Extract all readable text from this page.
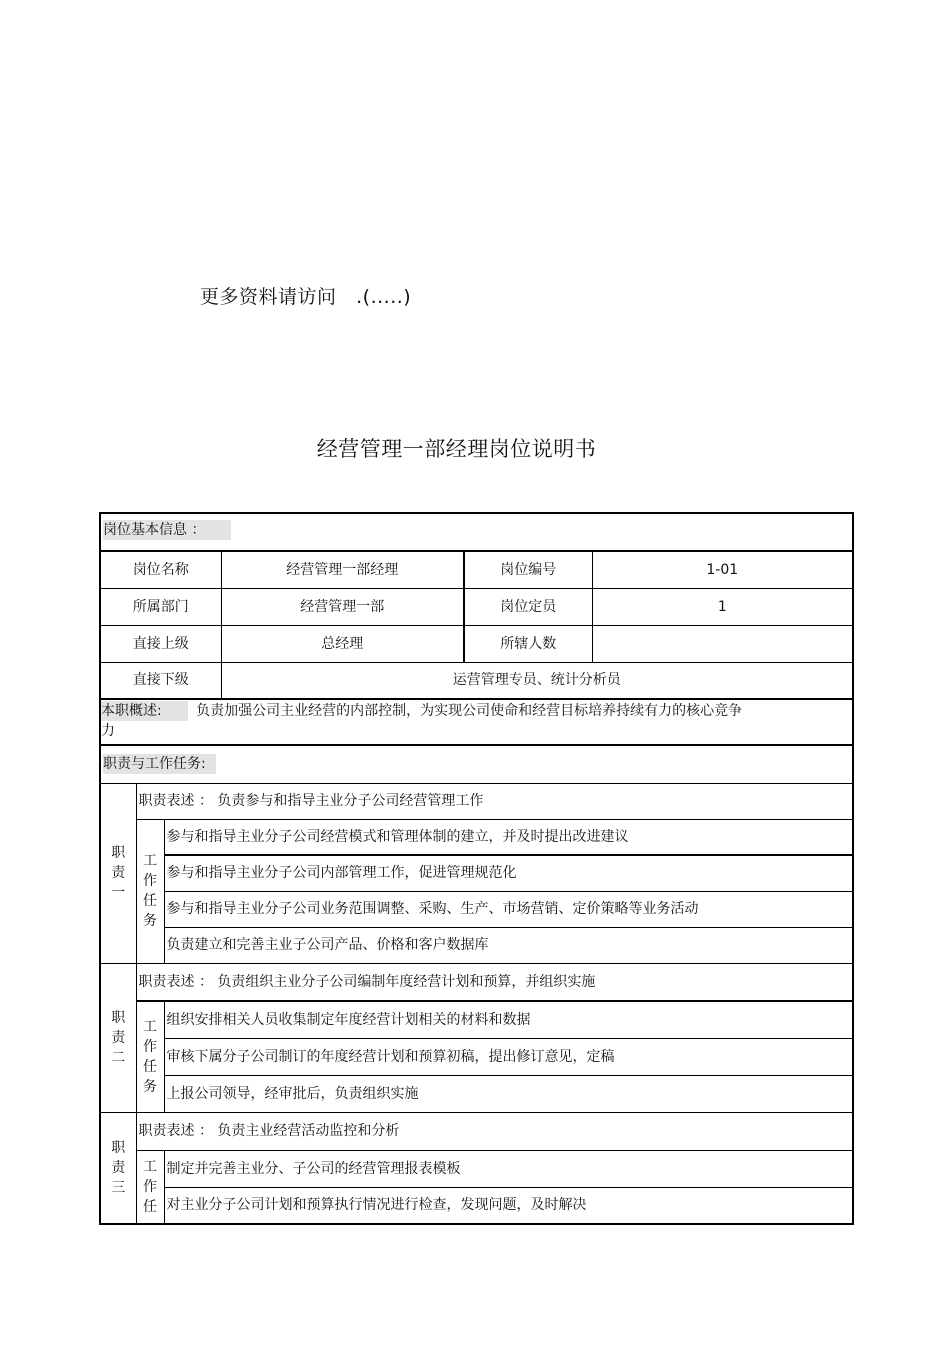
更多资料请访问   .(.....)
经营管理一部经理岗位说明书
岗位基本信息 ：					
岗位名称			经营管理一部经理	岗位编号	1-01
所属部门			经营管理一部	岗位定员	1
直接上级			总经理	所辖人数	
直接下级			运营管理专员、统计分析员		
本职概述: 负责加强公司主业经营的内部控制，为实现公司使命和经营目标培养持续有力的核心竞争
力					
职责与工作任务:					

职
责
一	职责表述 ： 负责参与和指导主业分子公司经营管理工作				

	工
作
任
务	参与和指导主业分子公司经营模式和管理体制的建立，并及时提出改进建议			
		参与和指导主业分子公司内部管理工作，促进管理规范化			
		参与和指导主业分子公司业务范围调整、采购、生产、市场营销、定价策略等业务活动			
		负责建立和完善主业子公司产品、价格和客户数据库			

职
责
二	职责表述 ： 负责组织主业分子公司编制年度经营计划和预算，并组织实施				

	工
作
任
务	组织安排相关人员收集制定年度经营计划相关的材料和数据			
		审核下属分子公司制订的年度经营计划和预算初稿，提出修订意见，定稿			
		上报公司领导，经审批后，负责组织实施			

职
责
三	职责表述 ： 负责主业经营活动监控和分析				

	工
作
任	制定并完善主业分、子公司的经营管理报表模板			
		对主业分子公司计划和预算执行情况进行检查，发现问题，及时解决			
